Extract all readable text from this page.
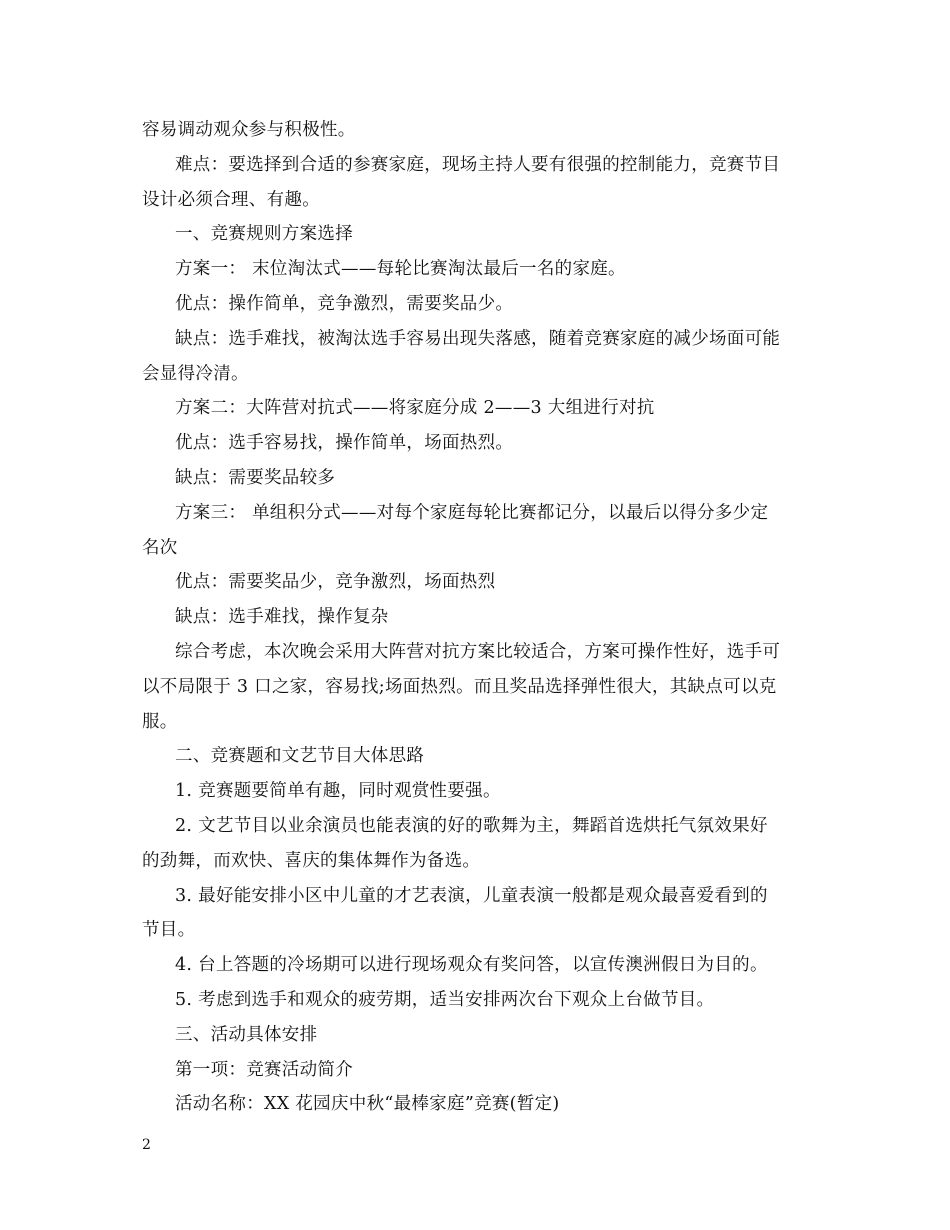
容易调动观众参与积极性。
难点：要选择到合适的参赛家庭，现场主持人要有很强的控制能力，竞赛节目
设计必须合理、有趣。
一、竞赛规则方案选择
方案一： 末位淘汰式——每轮比赛淘汰最后一名的家庭。
优点：操作简单，竞争激烈，需要奖品少。
缺点：选手难找，被淘汰选手容易出现失落感，随着竞赛家庭的减少场面可能
会显得冷清。
方案二：大阵营对抗式——将家庭分成 2——3 大组进行对抗
优点：选手容易找，操作简单，场面热烈。
缺点：需要奖品较多
方案三： 单组积分式——对每个家庭每轮比赛都记分，以最后以得分多少定
名次
优点：需要奖品少，竞争激烈，场面热烈
缺点：选手难找，操作复杂
综合考虑，本次晚会采用大阵营对抗方案比较适合，方案可操作性好，选手可
以不局限于 3 口之家，容易找;场面热烈。而且奖品选择弹性很大，其缺点可以克
服。
二、竞赛题和文艺节目大体思路
1. 竞赛题要简单有趣，同时观赏性要强。
2. 文艺节目以业余演员也能表演的好的歌舞为主，舞蹈首选烘托气氛效果好
的劲舞，而欢快、喜庆的集体舞作为备选。
3. 最好能安排小区中儿童的才艺表演，儿童表演一般都是观众最喜爱看到的
节目。
4. 台上答题的冷场期可以进行现场观众有奖问答，以宣传澳洲假日为目的。
5. 考虑到选手和观众的疲劳期，适当安排两次台下观众上台做节目。
三、活动具体安排
第一项：竞赛活动简介
活动名称：XX 花园庆中秋“最棒家庭”竞赛(暂定)
2
